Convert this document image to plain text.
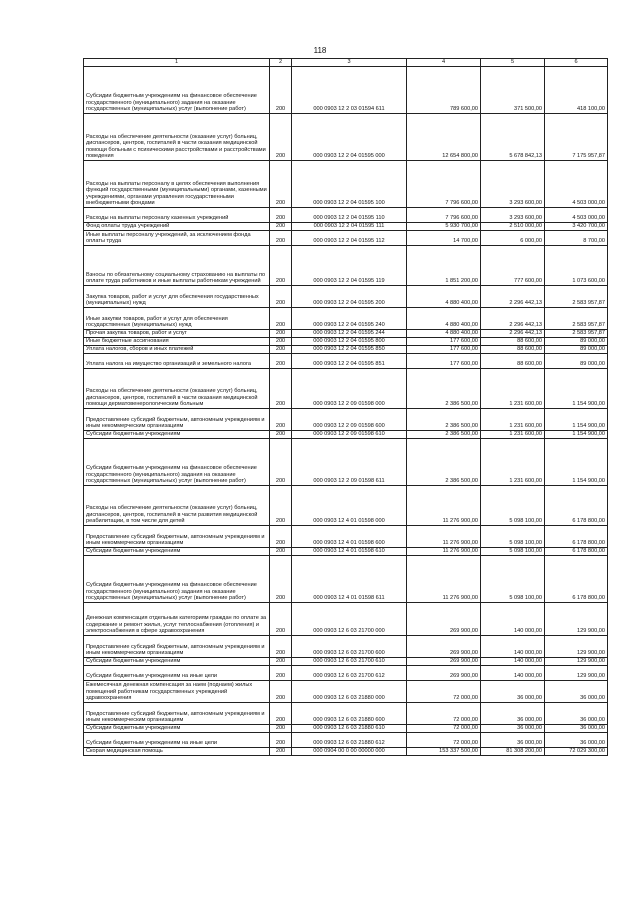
118
1	2	3	4	5	6
Субсидии бюджетным учреждениям на финансовое обеспечение государственного (муниципального) задания на оказание государственных (муниципальных) услуг (выполнение работ)	200	000 0903 12 2 03 01594 611	789 600,00	371 500,00	418 100,00
Расходы на обеспечение деятельности (оказание услуг) больниц, диспансеров, центров, госпиталей в части оказания медицинской помощи больным с психическими расстройствами и расстройствами поведения	200	000 0903 12 2 04 01595 000	12 654 800,00	5 678 842,13	7 175 957,87
Расходы на выплаты персоналу в целях обеспечения выполнения функций государственными (муниципальными) органами, казенными учреждениями, органами управления государственными внебюджетными фондами	200	000 0903 12 2 04 01595 100	7 796 600,00	3 293 600,00	4 503 000,00
Расходы на выплаты персоналу казенных учреждений	200	000 0903 12 2 04 01595 110	7 796 600,00	3 293 600,00	4 503 000,00
Фонд оплаты труда учреждений	200	000 0903 12 2 04 01595 111	5 930 700,00	2 510 000,00	3 420 700,00
Иные выплаты персоналу учреждений, за исключением фонда оплаты труда	200	000 0903 12 2 04 01595 112	14 700,00	6 000,00	8 700,00
Взносы по обязательному социальному страхованию на выплаты по оплате труда работников и иные выплаты работникам учреждений	200	000 0903 12 2 04 01595 119	1 851 200,00	777 600,00	1 073 600,00
Закупка товаров, работ и услуг для обеспечения государственных (муниципальных) нужд	200	000 0903 12 2 04 01595 200	4 880 400,00	2 296 442,13	2 583 957,87
Иные закупки товаров, работ и услуг для обеспечения государственных (муниципальных) нужд	200	000 0903 12 2 04 01595 240	4 880 400,00	2 296 442,13	2 583 957,87
Прочая закупка товаров, работ и услуг	200	000 0903 12 2 04 01595 244	4 880 400,00	2 296 442,13	2 583 957,87
Иные бюджетные ассигнования	200	000 0903 12 2 04 01595 800	177 600,00	88 600,00	89 000,00
Уплата налогов, сборов и иных платежей	200	000 0903 12 2 04 01595 850	177 600,00	88 600,00	89 000,00
Уплата налога на имущество организаций и земельного налога	200	000 0903 12 2 04 01595 851	177 600,00	88 600,00	89 000,00
Расходы на обеспечение деятельности (оказание услуг) больниц, диспансеров, центров, госпиталей в части оказания медицинской помощи дерматовенерологическим больным	200	000 0903 12 2 09 01598 000	2 386 500,00	1 231 600,00	1 154 900,00
Предоставление субсидий бюджетным, автономным учреждениям и иным некоммерческим организациям	200	000 0903 12 2 09 01598 600	2 386 500,00	1 231 600,00	1 154 900,00
Субсидии бюджетным учреждениям	200	000 0903 12 2 09 01598 610	2 386 500,00	1 231 600,00	1 154 900,00
Субсидии бюджетным учреждениям на финансовое обеспечение государственного (муниципального) задания на оказание государственных (муниципальных) услуг (выполнение работ)	200	000 0903 12 2 09 01598 611	2 386 500,00	1 231 600,00	1 154 900,00
Расходы на обеспечение деятельности (оказание услуг) больниц, диспансеров, центров, госпиталей в части развития медицинской реабилитации, в том числе для детей	200	000 0903 12 4 01 01598 000	11 276 900,00	5 098 100,00	6 178 800,00
Предоставление субсидий бюджетным, автономным учреждениям и иным некоммерческим организациям	200	000 0903 12 4 01 01598 600	11 276 900,00	5 098 100,00	6 178 800,00
Субсидии бюджетным учреждениям	200	000 0903 12 4 01 01598 610	11 276 900,00	5 098 100,00	6 178 800,00
Субсидии бюджетным учреждениям на финансовое обеспечение государственного (муниципального) задания на оказание государственных (муниципальных) услуг (выполнение работ)	200	000 0903 12 4 01 01598 611	11 276 900,00	5 098 100,00	6 178 800,00
Денежная компенсация отдельным категориям граждан по оплате за содержание и ремонт жилья, услуг теплоснабжения (отопления) и электроснабжения в сфере здравоохранения	200	000 0903 12 6 03 21700 000	269 900,00	140 000,00	129 900,00
Предоставление субсидий бюджетным, автономным учреждениям и иным некоммерческим организациям	200	000 0903 12 6 03 21700 600	269 900,00	140 000,00	129 900,00
Субсидии бюджетным учреждениям	200	000 0903 12 6 03 21700 610	269 900,00	140 000,00	129 900,00
Субсидии бюджетным учреждениям на иные цели	200	000 0903 12 6 03 21700 612	269 900,00	140 000,00	129 900,00
Ежемесячная денежная компенсация за наем (поднаем) жилых помещений работникам государственных учреждений здравоохранения	200	000 0903 12 6 03 21880 000	72 000,00	36 000,00	36 000,00
Предоставление субсидий бюджетным, автономным учреждениям и иным некоммерческим организациям	200	000 0903 12 6 03 21880 600	72 000,00	36 000,00	36 000,00
Субсидии бюджетным учреждениям	200	000 0903 12 6 03 21880 610	72 000,00	36 000,00	36 000,00
Субсидии бюджетным учреждениям на иные цели	200	000 0903 12 6 03 21880 612	72 000,00	36 000,00	36 000,00
Скорая медицинская помощь	200	000 0904 00 0 00 00000 000	153 337 500,00	81 308 200,00	72 029 300,00
